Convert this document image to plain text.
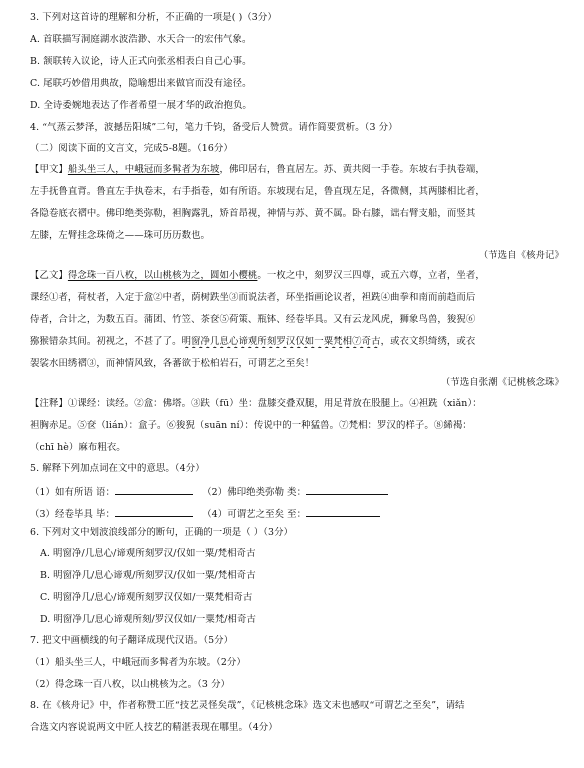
3. 下列对这首诗的理解和分析，不正确的一项是( )（3分）
A. 首联描写洞庭湖水波浩渺、水天合一的宏伟气象。
B. 颔联转入议论，诗人正式向张丞相表白自己心事。
C. 尾联巧妙借用典故，隐喻想出来做官而没有途径。
D. 全诗委婉地表达了作者希望一展才华的政治抱负。
4. “气蒸云梦泽，波撼岳阳城”二句，笔力千钧，备受后人赞赏。请作简要赏析。（3 分）
（二）阅读下面的文言文，完成5-8题。（16分）
【甲文】船头坐三人，中峨冠而多髯者为东坡，佛印居右，鲁直居左。苏、黄共阅一手卷。东坡右手执卷端，
左手抚鲁直背。鲁直左手执卷末，右手指卷，如有所语。东坡现右足，鲁直现左足，各微侧，其两膝相比者，
各隐卷底衣褶中。佛印绝类弥勒，袒胸露乳，矫首昂视，神情与苏、黄不属。卧右膝，诎右臂支船，而竖其
左膝，左臂挂念珠倚之——珠可历历数也。
（节选自《核舟记》
【乙文】得念珠一百八枚，以山桃核为之，圆如小樱桃。一枚之中，刻罗汉三四尊，或五六尊，立者，坐者，
课经①者，荷杖者，入定于盒②中者，荫树跌坐③而说法者，环坐指画论议者，袒跣④曲拳和南而前趋而后
侍者，合计之，为数五百。蒲团、竹笠、茶奁⑤荷策、瓶钵、经卷毕具。又有云龙风虎，狮象鸟兽，狻猊⑥
猕猴错杂其间。初视之，不甚了了。明窗净几息心谛观所刻罗汉仅如一粟梵相⑦奇古，或衣文织绮绣，或衣
袈裟水田绣褶③，而神情风致，各蕃欲于松柏岩石，可谓艺之至矣！
（节选自张潮《记桃核念珠》
【注释】①课经：读经。②盒：佛塔。③趺（fū）坐：盘膝交叠双腿，用足背放在股腿上。④袒跣（xiǎn）：
袒胸赤足。⑤奁（lián）：盒子。⑥狻猊（suān ní）：传说中的一种猛兽。⑦梵相：罗汉的样子。⑧絺褐：
（chī hè）麻布粗衣。
5. 解释下列加点词在文中的意思。（4分）
（1）如有所语 语：	（2）佛印绝类弥勒 类：
（3）经卷毕具 毕：	（4）可谓艺之至矣 至：
6. 下列对文中划波浪线部分的断句，正确的一项是（ ）（3分）
A. 明窗净/几息心/谛观所刻罗汉/仅如一粟/梵相奇古
B. 明窗净几/息心谛观/所刻罗汉/仅如一粟/梵相奇古
C. 明窗净几/息心/谛观所刻罗汉仅如/一粟梵相奇古
D. 明窗净几/息心谛观所刻/罗汉仅如/一粟梵/相奇古
7. 把文中画横线的句子翻译成现代汉语。（5分）
（1）船头坐三人，中峨冠而多髯者为东坡。（2分）
（2）得念珠一百八枚，以山桃核为之。（3 分）
8. 在《核舟记》中，作者称赞工匠“技艺灵怪矣哉”，《记核桃念珠》选文末也感叹“可谓艺之至矣”，请结
合选文内容说说两文中匠人技艺的精湛表现在哪里。（4分）
